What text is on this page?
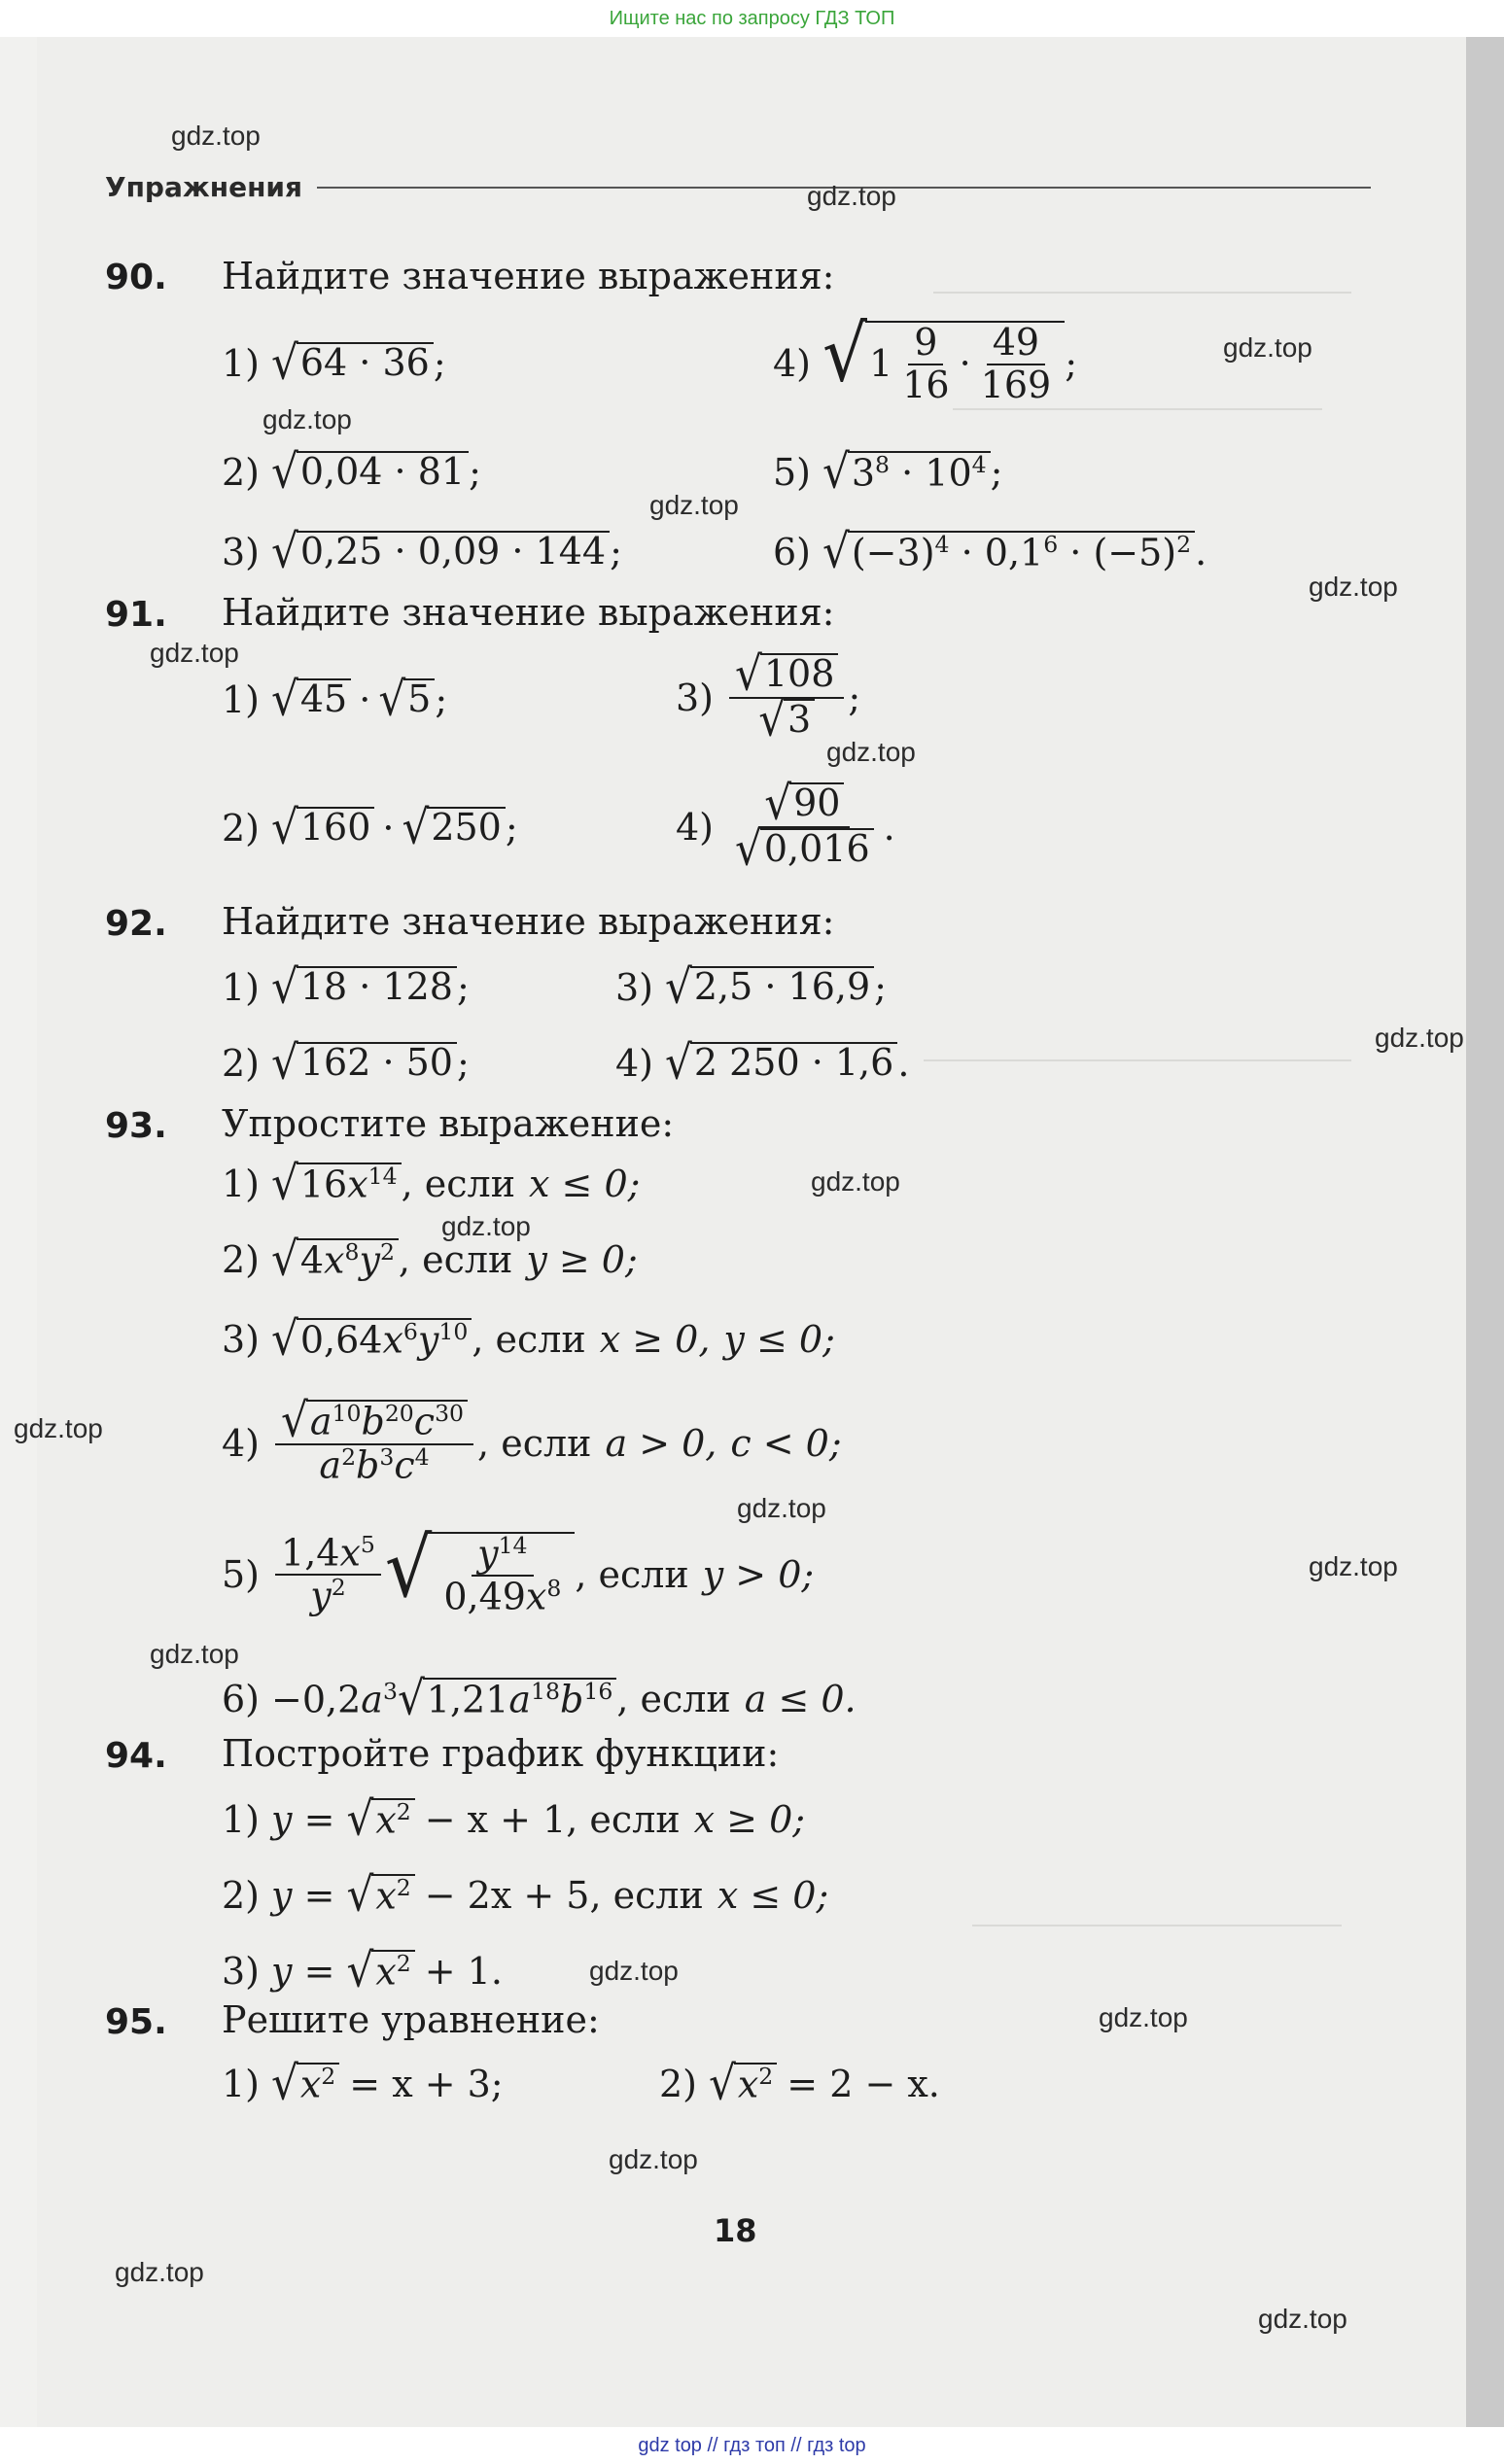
Ищите нас по запросу ГДЗ ТОП
Упражнения
90. Найдите значение выражения:
1) √ 64 · 36 ;
2) √ 0,04 · 81 ;
3) √ 0,25 · 0,09 · 144 ;
4) √ $1 \frac{9}{16} \cdot \frac{49}{169}$ ;
5) √ $3^8 \cdot 10^4$ ;
6) √ $(-3)^4 \cdot 0,1^6 \cdot (-5)^2$ .
91. Найдите значение выражения:
1) √ 45 · √ 5 ;
2) √ 160 · √ 250 ;
$3) \frac{√ 108}{√ 3}$ ;
$4) \frac{√ 90}{√ 0,016}$ .
92. Найдите значение выражения:
1) √ 18 · 128 ;
2) √ 162 · 50 ;
3) √ 2,5 · 16,9 ;
4) √ 2 250 · 1,6 .
93. Упростите выражение:
1) √ $16x^{14}$ , если x ≤ 0;
2) √ $4x^8y^2$ , если y ≥ 0;
3) √ $0,64x^6y^{10}$ , если x ≥ 0, y ≤ 0;
$4) \frac{√ a^{10}b^{20}c^{30}}{a^2b^3c^4}$ , если a > 0, c < 0;
$5) \frac{1,4x^5}{y^2}$ √ $\frac{y^{14}}{0,49x^8}$ , если y > 0;
$6) -0,2a^3$ √ $1,21a^{18}b^{16}$ , если a ≤ 0.
94. Постройте график функции:
1) y = √ $x^2 - x + 1$, если x ≥ 0;
2) y = √ $x^2 - 2x + 5$, если x ≤ 0;
3) y = √ $x^2 + 1$.
95. Решите уравнение:
1) √ $x^2 = x + 3$;	2) √ $x^2 = 2 - x$.
18
gdz.top
gdz.top
gdz.top
gdz.top
gdz.top
gdz.top
gdz.top
gdz.top
gdz.top
gdz.top
gdz.top
gdz.top
gdz.top
gdz.top
gdz.top
gdz.top
gdz.top
gdz.top
gdz.top
gdz.top
gdz top // гдз топ // гдз top
